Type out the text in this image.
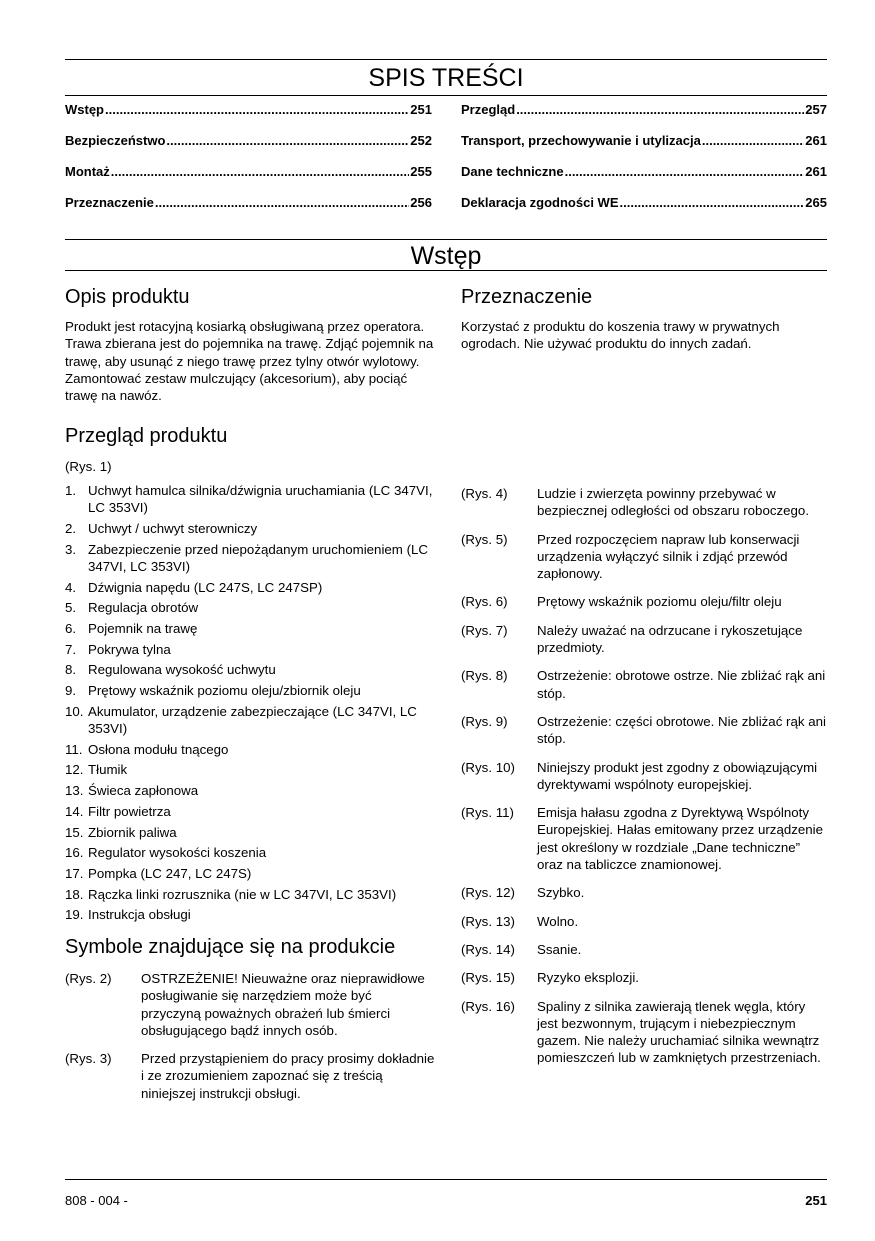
SPIS TREŚCI
Wstęp .....	251
Bezpieczeństwo .....	252
Montaż .....	255
Przeznaczenie .....	256
Przegląd .....	257
Transport, przechowywanie i utylizacja .....	261
Dane techniczne .....	261
Deklaracja zgodności WE .....	265
Wstęp
Opis produktu
Produkt jest rotacyjną kosiarką obsługiwaną przez operatora. Trawa zbierana jest do pojemnika na trawę. Zdjąć pojemnik na trawę, aby usunąć z niego trawę przez tylny otwór wylotowy. Zamontować zestaw mulczujący (akcesorium), aby pociąć trawę na nawóz.
Przeznaczenie
Korzystać z produktu do koszenia trawy w prywatnych ogrodach. Nie używać produktu do innych zadań.
Przegląd produktu
(Rys. 1)
1. Uchwyt hamulca silnika/dźwignia uruchamiania (LC 347VI, LC 353VI)
2. Uchwyt / uchwyt sterowniczy
3. Zabezpieczenie przed niepożądanym uruchomieniem (LC 347VI, LC 353VI)
4. Dźwignia napędu (LC 247S, LC 247SP)
5. Regulacja obrotów
6. Pojemnik na trawę
7. Pokrywa tylna
8. Regulowana wysokość uchwytu
9. Prętowy wskaźnik poziomu oleju/zbiornik oleju
10. Akumulator, urządzenie zabezpieczające (LC 347VI, LC 353VI)
11. Osłona modułu tnącego
12. Tłumik
13. Świeca zapłonowa
14. Filtr powietrza
15. Zbiornik paliwa
16. Regulator wysokości koszenia
17. Pompka (LC 247, LC 247S)
18. Rączka linki rozrusznika (nie w LC 347VI, LC 353VI)
19. Instrukcja obsługi
Symbole znajdujące się na produkcie
(Rys. 2)	OSTRZEŻENIE! Nieuważne oraz nieprawidłowe posługiwanie się narzędziem może być przyczyną poważnych obrażeń lub śmierci obsługującego bądź innych osób.
(Rys. 3)	Przed przystąpieniem do pracy prosimy dokładnie i ze zrozumieniem zapoznać się z treścią niniejszej instrukcji obsługi.
(Rys. 4)	Ludzie i zwierzęta powinny przebywać w bezpiecznej odległości od obszaru roboczego.
(Rys. 5)	Przed rozpoczęciem napraw lub konserwacji urządzenia wyłączyć silnik i zdjąć przewód zapłonowy.
(Rys. 6)	Prętowy wskaźnik poziomu oleju/filtr oleju
(Rys. 7)	Należy uważać na odrzucane i rykoszetujące przedmioty.
(Rys. 8)	Ostrzeżenie: obrotowe ostrze. Nie zbliżać rąk ani stóp.
(Rys. 9)	Ostrzeżenie: części obrotowe. Nie zbliżać rąk ani stóp.
(Rys. 10)	Niniejszy produkt jest zgodny z obowiązującymi dyrektywami wspólnoty europejskiej.
(Rys. 11)	Emisja hałasu zgodna z Dyrektywą Wspólnoty Europejskiej. Hałas emitowany przez urządzenie jest określony w rozdziale „Dane techniczne” oraz na tabliczce znamionowej.
(Rys. 12)	Szybko.
(Rys. 13)	Wolno.
(Rys. 14)	Ssanie.
(Rys. 15)	Ryzyko eksplozji.
(Rys. 16)	Spaliny z silnika zawierają tlenek węgla, który jest bezwonnym, trującym i niebezpiecznym gazem. Nie należy uruchamiać silnika wewnątrz pomieszczeń lub w zamkniętych przestrzeniach.
808 - 004 -	251
